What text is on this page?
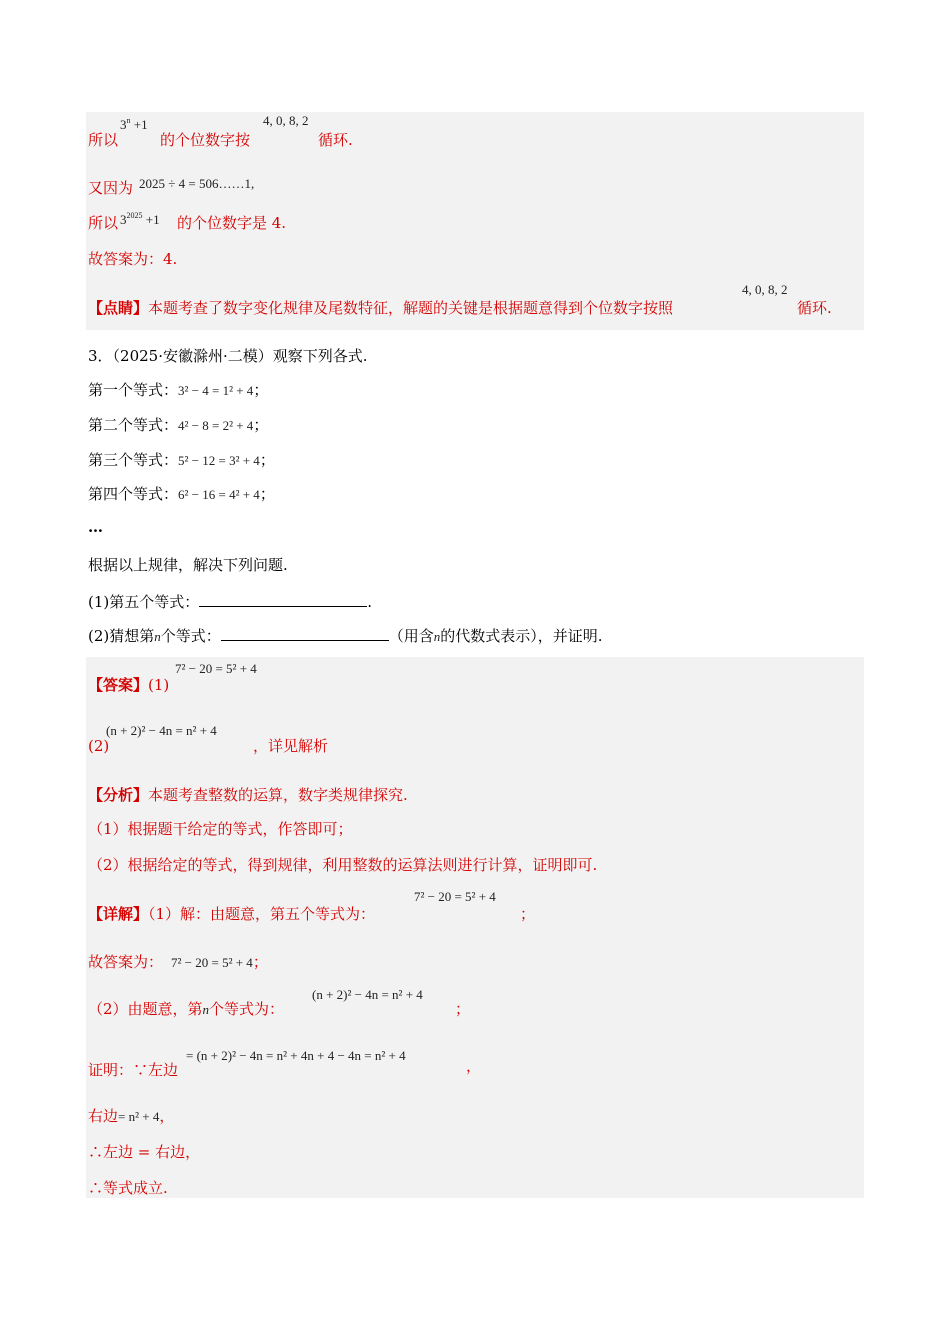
所以
$3^n +1$
的个位数字按
4, 0, 8, 2
循环.
又因为 2025 ÷ 4 = 506……1,
所以 $3^{2025} +1$ 的个位数字是 4.
故答案为：4.
【点睛】本题考查了数字变化规律及尾数特征，解题的关键是根据题意得到个位数字按照
4, 0, 8, 2
循环.
3．（2025·安徽滁州·二模）观察下列各式.
第一个等式：3² − 4 = 1² + 4；
第二个等式：4² − 8 = 2² + 4；
第三个等式：5² − 12 = 3² + 4；
第四个等式：6² − 16 = 4² + 4；
…
根据以上规律，解决下列问题.
(1)第五个等式：	.
(2)猜想第n个等式：	（用含n的代数式表示），并证明.
【答案】(1)
7² − 20 = 5² + 4
(2)
(n + 2)² − 4n = n² + 4
，详见解析
【分析】本题考查整数的运算，数字类规律探究.
（1）根据题干给定的等式，作答即可；
（2）根据给定的等式，得到规律，利用整数的运算法则进行计算，证明即可.
【详解】（1）解：由题意，第五个等式为：
7² − 20 = 5² + 4
；
故答案为： 7² − 20 = 5² + 4；
（2）由题意，第n个等式为：
(n + 2)² − 4n = n² + 4
；
证明：∵左边
= (n + 2)² − 4n = n² + 4n + 4 − 4n = n² + 4
，
右边= n² + 4，
∴左边 = 右边，
∴等式成立.
